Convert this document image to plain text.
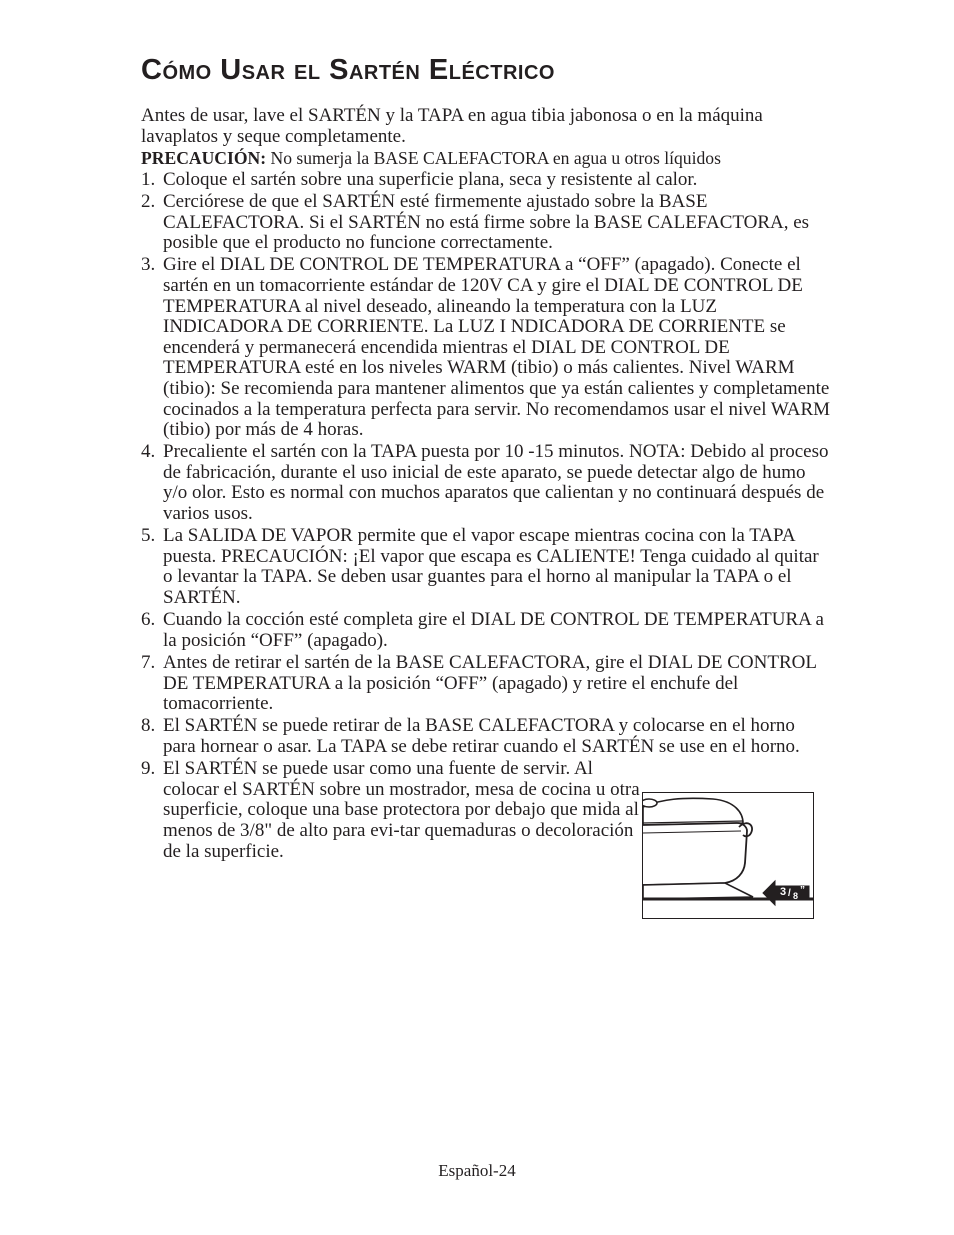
Cómo Usar el Sartén Eléctrico

Antes de usar, lave el SARTÉN y la TAPA en agua tibia jabonosa o en la máquina lavaplatos y seque completamente.

PRECAUCIÓN: No sumerja la BASE CALEFACTORA en agua u otros líquidos

1. Coloque el sartén sobre una superficie plana, seca y resistente al calor.
2. Cerciórese de que el SARTÉN esté firmemente ajustado sobre la BASE CALEFACTORA. Si el SARTÉN no está firme sobre la BASE CALEFACTORA, es posible que el producto no funcione correctamente.
3. Gire el DIAL DE CONTROL DE TEMPERATURA a “OFF” (apagado). Conecte el sartén en un tomacorriente estándar de 120V CA y gire el DIAL DE CONTROL DE TEMPERATURA al nivel deseado, alineando la temperatura con la LUZ INDICADORA DE CORRIENTE. La LUZ I NDICADORA DE CORRIENTE se encenderá y permanecerá encendida mientras el DIAL DE CONTROL DE TEMPERATURA esté en los niveles WARM (tibio) o más calientes. Nivel WARM (tibio): Se recomienda para mantener alimentos que ya están calientes y completamente cocinados a la temperatura perfecta para servir. No recomendamos usar el nivel WARM (tibio) por más de 4 horas.
4. Precaliente el sartén con la TAPA puesta por 10 -15 minutos. NOTA: Debido al proceso de fabricación, durante el uso inicial de este aparato, se puede detectar algo de humo y/o olor. Esto es normal con muchos aparatos que calientan y no continuará después de varios usos.
5. La SALIDA DE VAPOR permite que el vapor escape mientras cocina con la TAPA puesta. PRECAUCIÓN: ¡El vapor que escapa es CALIENTE! Tenga cuidado al quitar o levantar la TAPA. Se deben usar guantes para el horno al manipular la TAPA o el SARTÉN.
6. Cuando la cocción esté completa gire el DIAL DE CONTROL DE TEMPERATURA a la posición “OFF” (apagado).
7. Antes de retirar el sartén de la BASE CALEFACTORA, gire el DIAL DE CONTROL DE TEMPERATURA a la posición “OFF” (apagado) y retire el enchufe del tomacorriente.
8. El SARTÉN se puede retirar de la BASE CALEFACTORA y colocarse en el horno para hornear o asar. La TAPA se debe retirar cuando el SARTÉN se use en el horno.
9. El SARTÉN se puede usar como una fuente de servir. Al colocar el SARTÉN sobre un mostrador, mesa de cocina u otra superficie, coloque una base protectora por debajo que mida al menos de 3/8" de alto para evi-tar quemaduras o decoloración de la superficie.
3 / 8 ”
Español-24
